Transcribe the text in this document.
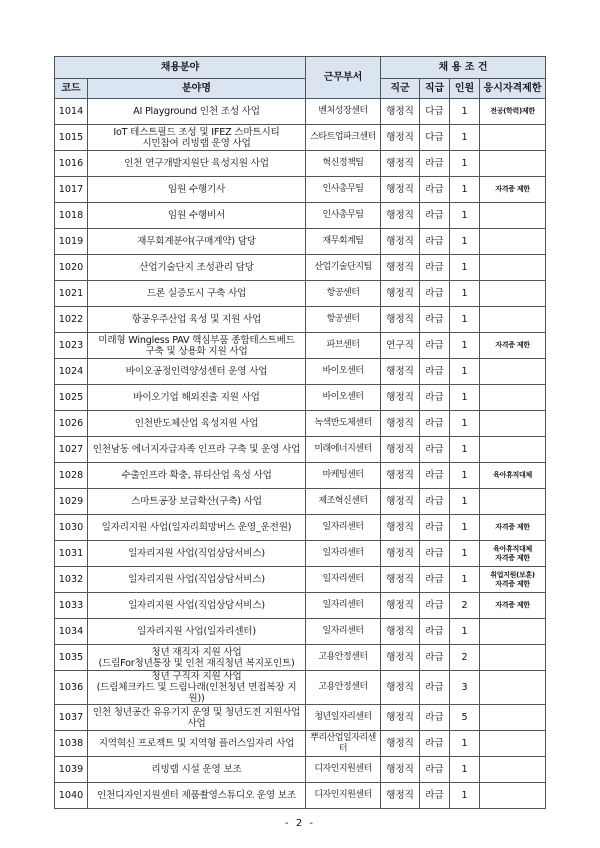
채용분야		근무부서	채 용 조 건			
코드	분야명		직군	직급	인원	응시자격제한
1014	AI Playground 인천 조성 사업	벤처성장센터	행정직	다급	1	전공(학력)제한

1015	IoT 테스트필드 조성 및 IFEZ 스마트시티
시민참여 리빙랩 운영 사업	스타트업파크센터	행정직	다급	1	
1016	인천 연구개발지원단 육성지원 사업	혁신정책팀	행정직	라급	1	
1017	임원 수행기사	인사총무팀	행정직	라급	1	자격증 제한

1018	임원 수행비서	인사총무팀	행정직	라급	1	
1019	재무회계분야(구매계약) 담당	재무회계팀	행정직	라급	1	
1020	산업기술단지 조성관리 담당	산업기술단지팀	행정직	라급	1	
1021	드론 실증도시 구축 사업	항공센터	행정직	라급	1	
1022	항공우주산업 육성 및 지원 사업	항공센터	행정직	라급	1	
1023	미래형 Wingless PAV 핵심부품 종합테스트베드
구축 및 상용화 지원 사업	파브센터	연구직	라급	1	자격증 제한

1024	바이오공정인력양성센터 운영 사업	바이오센터	행정직	라급	1	
1025	바이오기업 해외진출 지원 사업	바이오센터	행정직	라급	1	
1026	인천반도체산업 육성지원 사업	녹색반도체센터	행정직	라급	1	
1027	인천남동 에너지자급자족 인프라 구축 및 운영 사업	미래에너지센터	행정직	라급	1	
1028	수출인프라 확충, 뷰티산업 육성 사업	마케팅센터	행정직	라급	1	육아휴직대체

1029	스마트공장 보급확산(구축) 사업	제조혁신센터	행정직	라급	1	
1030	일자리지원 사업(일자리희망버스 운영_운전원)	일자리센터	행정직	라급	1	자격증 제한

1031	일자리지원 사업(직업상담서비스)	일자리센터	행정직	라급	1	육아휴직대체
자격증 제한

1032	일자리지원 사업(직업상담서비스)	일자리센터	행정직	라급	1	취업지원(보훈)
자격증 제한

1033	일자리지원 사업(직업상담서비스)	일자리센터	행정직	라급	2	자격증 제한

1034	일자리지원 사업(일자리센터)	일자리센터	행정직	라급	1	
1035	청년 재직자 지원 사업
(드림For청년통장 및 인천 재직청년 복지포인트)	고용안정센터	행정직	라급	2	
1036	청년 구직자 지원 사업
(드림체크카드 및 드림나래(인천청년 면접복장 지원))	고용안정센터	행정직	라급	3	
1037	인천 청년공간 유유기지 운영 및 청년도전 지원사업 사업	청년일자리센터	행정직	라급	5	
1038	지역혁신 프로젝트 및 지역형 플러스일자리 사업	뿌리산업일자리센터	행정직	라급	1	
1039	리빙랩 시설 운영 보조	디자인지원센터	행정직	라급	1	
1040	인천디자인지원센터 제품촬영스튜디오 운영 보조	디자인지원센터	행정직	라급	1	
- 2 -
